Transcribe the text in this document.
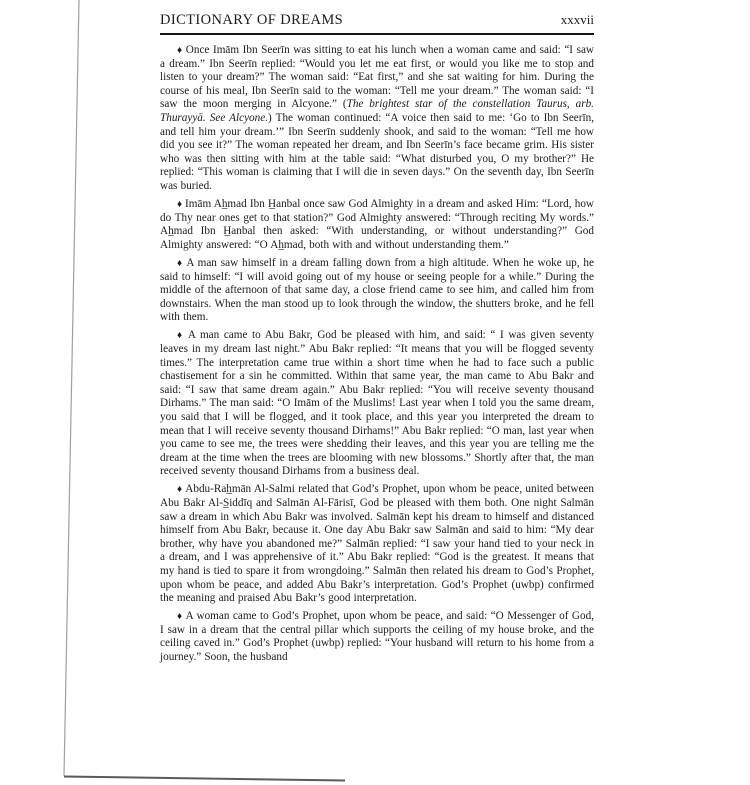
DICTIONARY OF DREAMS	xxxvii

♦ Once Imām Ibn Seerīn was sitting to eat his lunch when a woman came and said: “I saw a dream.” Ibn Seerīn replied: “Would you let me eat first, or would you like me to stop and listen to your dream?” The woman said: “Eat first,” and she sat waiting for him. During the course of his meal, Ibn Seerīn said to the woman: “Tell me your dream.” The woman said: “I saw the moon merging in Alcyone.” (The brightest star of the constellation Taurus, arb. Thurayyā. See Alcyone.) The woman continued: “A voice then said to me: ‘Go to Ibn Seerīn, and tell him your dream.’” Ibn Seerīn suddenly shook, and said to the woman: “Tell me how did you see it?” The woman repeated her dream, and Ibn Seerīn’s face became grim. His sister who was then sitting with him at the table said: “What disturbed you, O my brother?” He replied: “This woman is claiming that I will die in seven days.” On the seventh day, Ibn Seerīn was buried.

♦ Imām Ah̲mad Ibn H̲anbal once saw God Almighty in a dream and asked Him: “Lord, how do Thy near ones get to that station?” God Almighty answered: “Through reciting My words.” Ah̲mad Ibn H̲anbal then asked: “With understanding, or without understanding?” God Almighty answered: “O Ah̲mad, both with and without understanding them.”

♦ A man saw himself in a dream falling down from a high altitude. When he woke up, he said to himself: “I will avoid going out of my house or seeing people for a while.” During the middle of the afternoon of that same day, a close friend came to see him, and called him from downstairs. When the man stood up to look through the window, the shutters broke, and he fell with them.

♦ A man came to Abu Bakr, God be pleased with him, and said: “ I was given seventy leaves in my dream last night.” Abu Bakr replied: “It means that you will be flogged seventy times.” The interpretation came true within a short time when he had to face such a public chastisement for a sin he committed. Within that same year, the man came to Abu Bakr and said: “I saw that same dream again.” Abu Bakr replied: “You will receive seventy thousand Dirhams.” The man said: “O Imām of the Muslims! Last year when I told you the same dream, you said that I will be flogged, and it took place, and this year you interpreted the dream to mean that I will receive seventy thousand Dirhams!” Abu Bakr replied: “O man, last year when you came to see me, the trees were shedding their leaves, and this year you are telling me the dream at the time when the trees are blooming with new blossoms.” Shortly after that, the man received seventy thousand Dirhams from a business deal.

♦ Abdu-Rah̲mān Al-Salmi related that God’s Prophet, upon whom be peace, united between Abu Bakr Al-S̲iddīq and Salmān Al-Fārisī, God be pleased with them both. One night Salmān saw a dream in which Abu Bakr was involved. Salmān kept his dream to himself and distanced himself from Abu Bakr, because it. One day Abu Bakr saw Salmān and said to him: “My dear brother, why have you abandoned me?” Salmān replied: “I saw your hand tied to your neck in a dream, and I was apprehensive of it.” Abu Bakr replied: “God is the greatest. It means that my hand is tied to spare it from wrongdoing.” Salmān then related his dream to God’s Prophet, upon whom be peace, and added Abu Bakr’s interpretation. God’s Prophet (uwbp) confirmed the meaning and praised Abu Bakr’s good interpretation.

♦ A woman came to God’s Prophet, upon whom be peace, and said: “O Messenger of God, I saw in a dream that the central pillar which supports the ceiling of my house broke, and the ceiling caved in.” God’s Prophet (uwbp) replied: “Your husband will return to his home from a journey.” Soon, the husband
